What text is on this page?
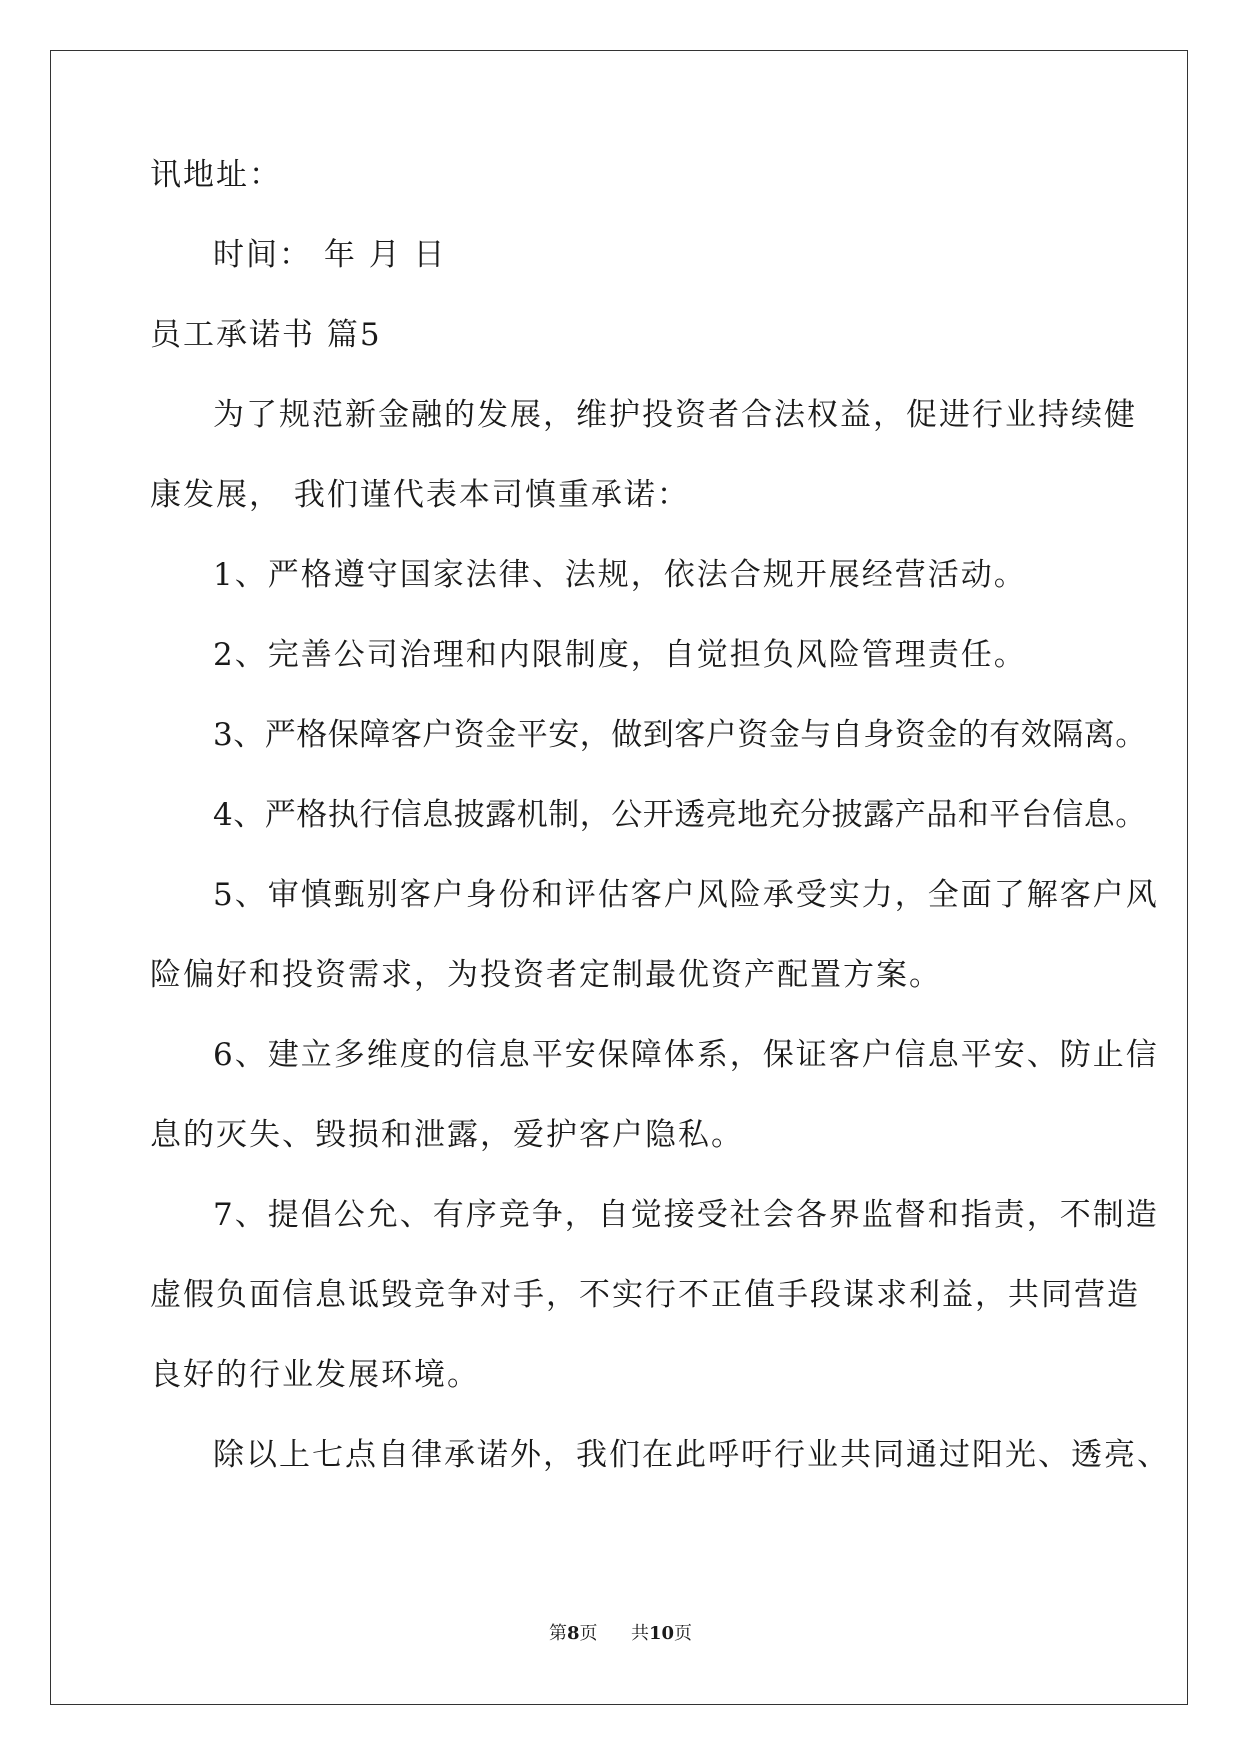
讯地址：
时间： 年 月 日
员工承诺书 篇5
为了规范新金融的发展，维护投资者合法权益，促进行业持续健
康发展， 我们谨代表本司慎重承诺：
1、严格遵守国家法律、法规，依法合规开展经营活动。
2、完善公司治理和内限制度，自觉担负风险管理责任。
3、严格保障客户资金平安，做到客户资金与自身资金的有效隔离。
4、严格执行信息披露机制，公开透亮地充分披露产品和平台信息。
5、审慎甄别客户身份和评估客户风险承受实力，全面了解客户风
险偏好和投资需求，为投资者定制最优资产配置方案。
6、建立多维度的信息平安保障体系，保证客户信息平安、防止信
息的灭失、毁损和泄露，爱护客户隐私。
7、提倡公允、有序竞争，自觉接受社会各界监督和指责，不制造
虚假负面信息诋毁竞争对手，不实行不正值手段谋求利益，共同营造
良好的行业发展环境。
除以上七点自律承诺外，我们在此呼吁行业共同通过阳光、透亮、
第8页 共10页
